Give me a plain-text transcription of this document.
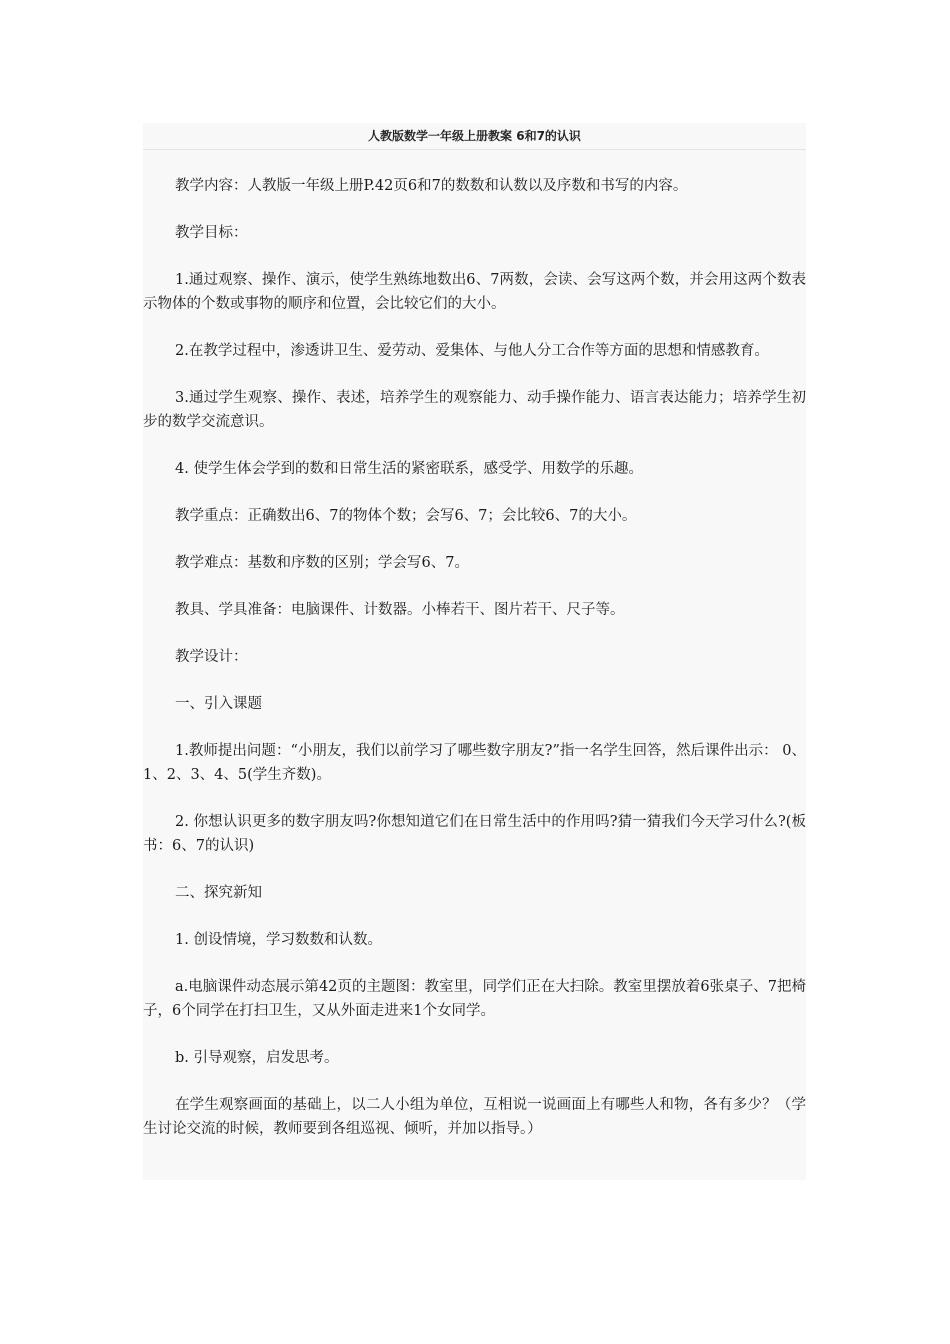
人教版数学一年级上册教案 6和7的认识

教学内容：人教版一年级上册P.42页6和7的数数和认数以及序数和书写的内容。

教学目标：

1.通过观察、操作、演示，使学生熟练地数出6、7两数，会读、会写这两个数，并会用这两个数表示物体的个数或事物的顺序和位置，会比较它们的大小。

2.在教学过程中，渗透讲卫生、爱劳动、爱集体、与他人分工合作等方面的思想和情感教育。

3.通过学生观察、操作、表述，培养学生的观察能力、动手操作能力、语言表达能力；培养学生初步的数学交流意识。

4. 使学生体会学到的数和日常生活的紧密联系，感受学、用数学的乐趣。

教学重点：正确数出6、7的物体个数；会写6、7；会比较6、7的大小。

教学难点：基数和序数的区别；学会写6、7。

教具、学具准备：电脑课件、计数器。小棒若干、图片若干、尺子等。

教学设计：

一、引入课题

1.教师提出问题：“小朋友，我们以前学习了哪些数字朋友?”指一名学生回答，然后课件出示： 0、1、2、3、4、5(学生齐数)。

2. 你想认识更多的数字朋友吗?你想知道它们在日常生活中的作用吗?猜一猜我们今天学习什么?(板书：6、7的认识)

二、探究新知

1. 创设情境，学习数数和认数。

a.电脑课件动态展示第42页的主题图：教室里，同学们正在大扫除。教室里摆放着6张桌子、7把椅子，6个同学在打扫卫生，又从外面走进来1个女同学。

b. 引导观察，启发思考。

在学生观察画面的基础上，以二人小组为单位，互相说一说画面上有哪些人和物，各有多少？（学生讨论交流的时候，教师要到各组巡视、倾听，并加以指导。）
